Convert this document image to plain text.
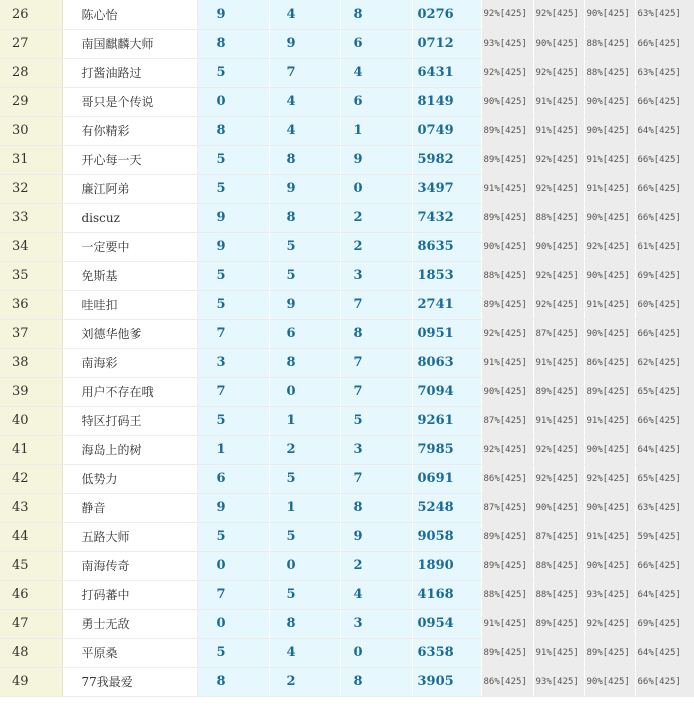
26	陈心怡	9	4	8	0276	92%[425]	92%[425]	90%[425]	63%[425]
27	南国麒麟大师	8	9	6	0712	93%[425]	90%[425]	88%[425]	66%[425]
28	打酱油路过	5	7	4	6431	92%[425]	92%[425]	88%[425]	63%[425]
29	哥只是个传说	0	4	6	8149	90%[425]	91%[425]	90%[425]	66%[425]
30	有你精彩	8	4	1	0749	89%[425]	91%[425]	90%[425]	64%[425]
31	开心每一天	5	8	9	5982	89%[425]	92%[425]	91%[425]	66%[425]
32	廉江阿弟	5	9	0	3497	91%[425]	92%[425]	91%[425]	66%[425]
33	discuz	9	8	2	7432	89%[425]	88%[425]	90%[425]	66%[425]
34	一定要中	9	5	2	8635	90%[425]	90%[425]	92%[425]	61%[425]
35	免斯基	5	5	3	1853	88%[425]	92%[425]	90%[425]	69%[425]
36	哇哇扣	5	9	7	2741	89%[425]	92%[425]	91%[425]	60%[425]
37	刘德华他爹	7	6	8	0951	92%[425]	87%[425]	90%[425]	66%[425]
38	南海彩	3	8	7	8063	91%[425]	91%[425]	86%[425]	62%[425]
39	用户不存在哦	7	0	7	7094	90%[425]	89%[425]	89%[425]	65%[425]
40	特区打码王	5	1	5	9261	87%[425]	91%[425]	91%[425]	66%[425]
41	海岛上的树	1	2	3	7985	92%[425]	92%[425]	90%[425]	64%[425]
42	低势力	6	5	7	0691	86%[425]	92%[425]	92%[425]	65%[425]
43	静音	9	1	8	5248	87%[425]	90%[425]	90%[425]	63%[425]
44	五路大师	5	5	9	9058	89%[425]	87%[425]	91%[425]	59%[425]
45	南海传奇	0	0	2	1890	89%[425]	88%[425]	90%[425]	66%[425]
46	打码蕃中	7	5	4	4168	88%[425]	88%[425]	93%[425]	64%[425]
47	勇士无敌	0	8	3	0954	91%[425]	89%[425]	92%[425]	69%[425]
48	平原桑	5	4	0	6358	89%[425]	91%[425]	89%[425]	64%[425]
49	77我最爱	8	2	8	3905	86%[425]	93%[425]	90%[425]	66%[425]
